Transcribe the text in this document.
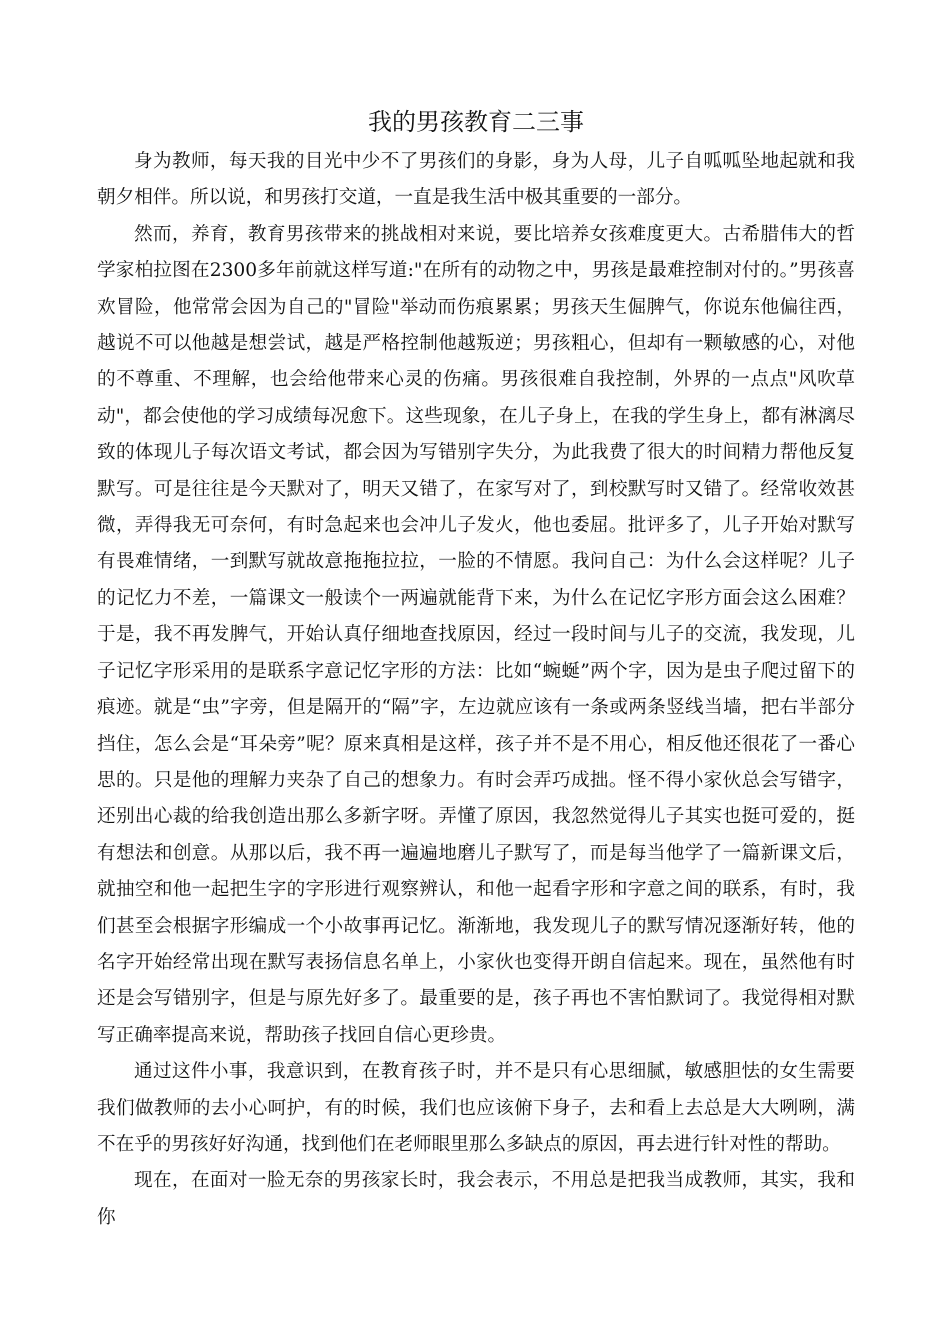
我的男孩教育二三事

身为教师，每天我的目光中少不了男孩们的身影，身为人母，儿子自呱呱坠地起就和我朝夕相伴。所以说，和男孩打交道，一直是我生活中极其重要的一部分。

然而，养育，教育男孩带来的挑战相对来说，要比培养女孩难度更大。古希腊伟大的哲学家柏拉图在2300多年前就这样写道:"在所有的动物之中，男孩是最难控制对付的。”男孩喜欢冒险，他常常会因为自己的"冒险"举动而伤痕累累；男孩天生倔脾气，你说东他偏往西，越说不可以他越是想尝试，越是严格控制他越叛逆；男孩粗心，但却有一颗敏感的心，对他的不尊重、不理解，也会给他带来心灵的伤痛。男孩很难自我控制，外界的一点点"风吹草动"，都会使他的学习成绩每况愈下。这些现象，在儿子身上，在我的学生身上，都有淋漓尽致的体现儿子每次语文考试，都会因为写错别字失分，为此我费了很大的时间精力帮他反复默写。可是往往是今天默对了，明天又错了，在家写对了，到校默写时又错了。经常收效甚微，弄得我无可奈何，有时急起来也会冲儿子发火，他也委屈。批评多了，儿子开始对默写有畏难情绪，一到默写就故意拖拖拉拉，一脸的不情愿。我问自己：为什么会这样呢？儿子的记忆力不差，一篇课文一般读个一两遍就能背下来，为什么在记忆字形方面会这么困难？于是，我不再发脾气，开始认真仔细地查找原因，经过一段时间与儿子的交流，我发现，儿子记忆字形采用的是联系字意记忆字形的方法：比如“蜿蜒”两个字，因为是虫子爬过留下的痕迹。就是“虫”字旁，但是隔开的“隔”字，左边就应该有一条或两条竖线当墙，把右半部分挡住，怎么会是“耳朵旁”呢？原来真相是这样，孩子并不是不用心，相反他还很花了一番心思的。只是他的理解力夹杂了自己的想象力。有时会弄巧成拙。怪不得小家伙总会写错字，还别出心裁的给我创造出那么多新字呀。弄懂了原因，我忽然觉得儿子其实也挺可爱的，挺有想法和创意。从那以后，我不再一遍遍地磨儿子默写了，而是每当他学了一篇新课文后，就抽空和他一起把生字的字形进行观察辨认，和他一起看字形和字意之间的联系，有时，我们甚至会根据字形编成一个小故事再记忆。渐渐地，我发现儿子的默写情况逐渐好转，他的名字开始经常出现在默写表扬信息名单上，小家伙也变得开朗自信起来。现在，虽然他有时还是会写错别字，但是与原先好多了。最重要的是，孩子再也不害怕默词了。我觉得相对默写正确率提高来说，帮助孩子找回自信心更珍贵。

通过这件小事，我意识到，在教育孩子时，并不是只有心思细腻，敏感胆怯的女生需要我们做教师的去小心呵护，有的时候，我们也应该俯下身子，去和看上去总是大大咧咧，满不在乎的男孩好好沟通，找到他们在老师眼里那么多缺点的原因，再去进行针对性的帮助。

现在，在面对一脸无奈的男孩家长时，我会表示，不用总是把我当成教师，其实，我和你
